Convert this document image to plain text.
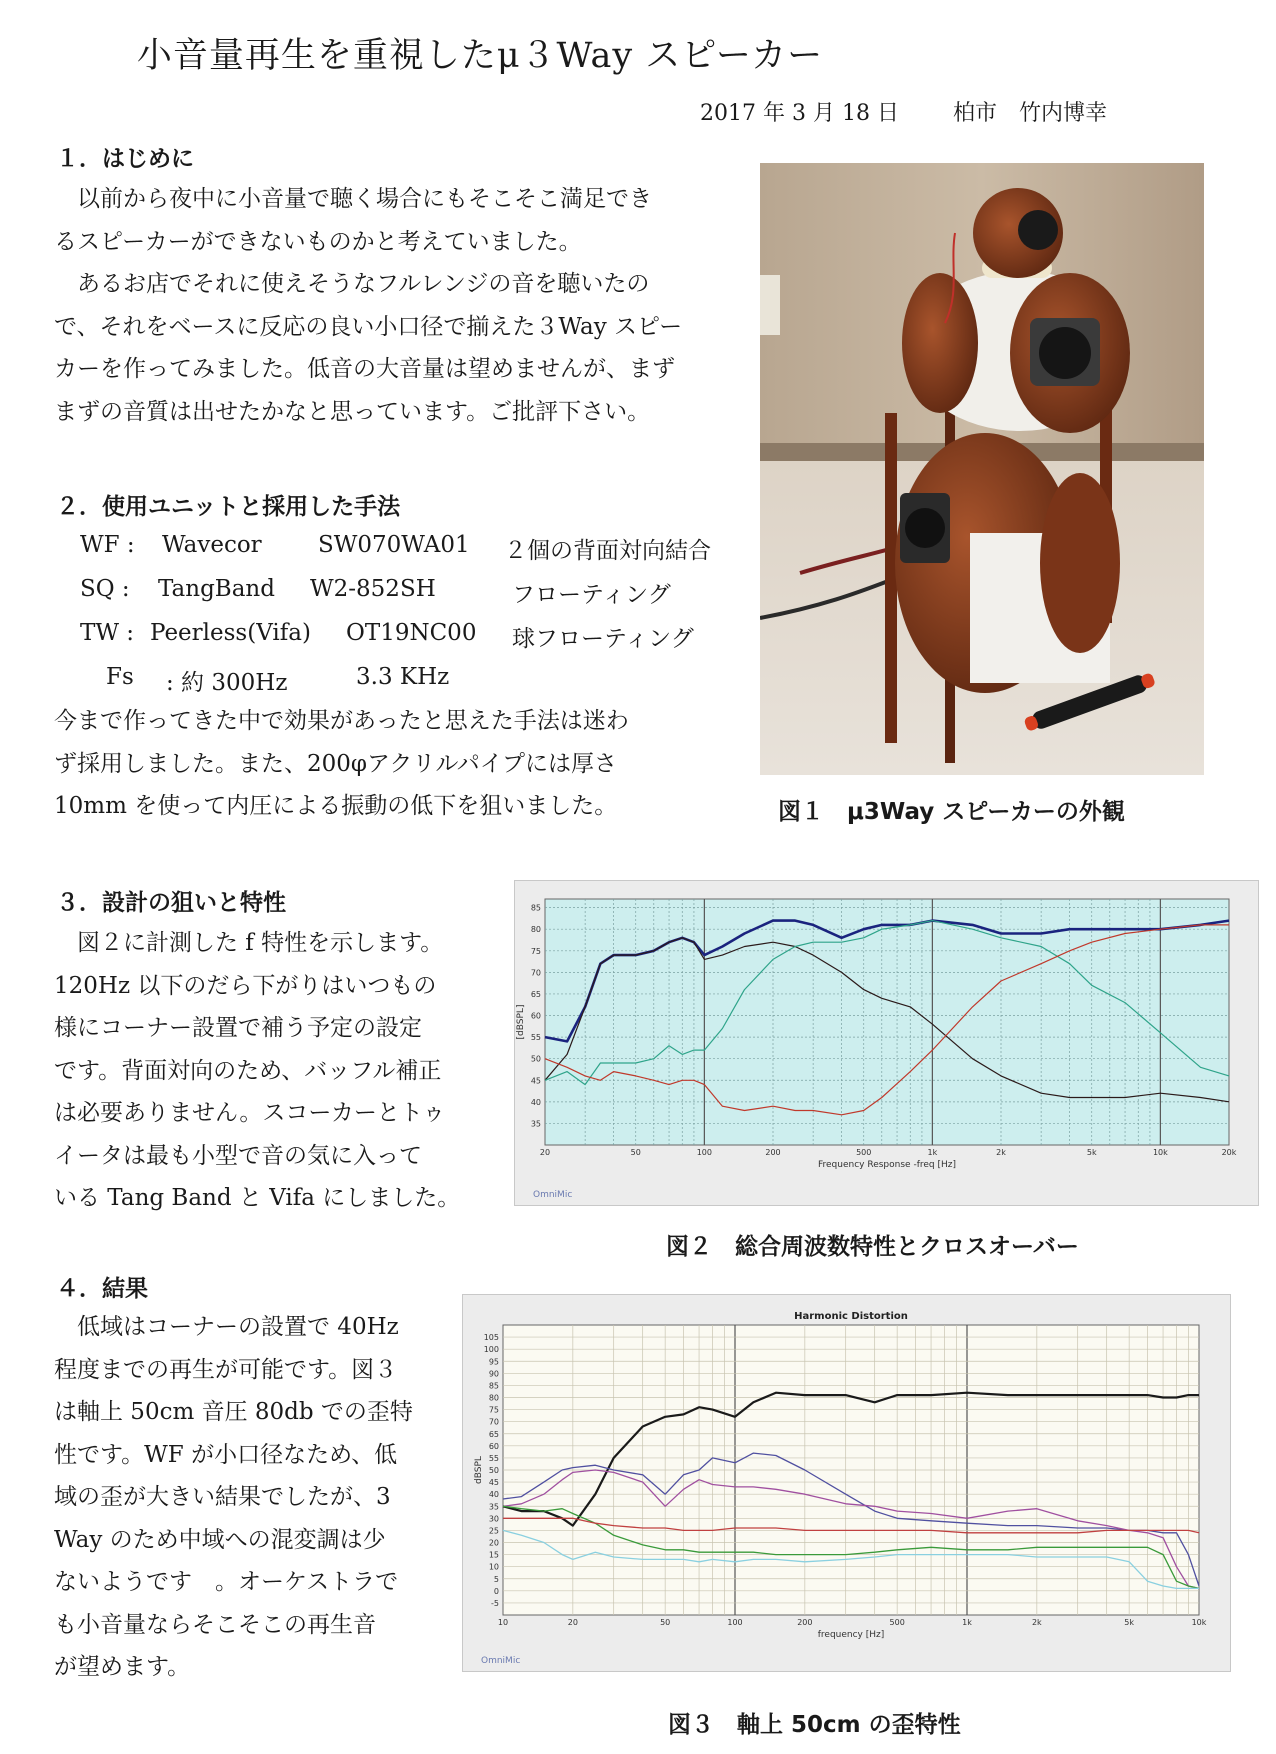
小音量再生を重視したμ３Way スピーカー
2017 年 3 月 18 日 柏市　竹内博幸
１．はじめに
　以前から夜中に小音量で聴く場合にもそこそこ満足でき
るスピーカーができないものかと考えていました。
　あるお店でそれに使えそうなフルレンジの音を聴いたの
で、それをベースに反応の良い小口径で揃えた３Way スピー
カーを作ってみました。低音の大音量は望めませんが、まず
まずの音質は出せたかなと思っています。ご批評下さい。
２．使用ユニットと採用した手法
WF : Wavecor SW070WA01 ２個の背面対向結合
SQ : TangBand W2-852SH	フローティング
TW : Peerless(Vifa) OT19NC00 球フローティング
Fs : 約 300Hz	3.3 KHz
今まで作ってきた中で効果があったと思えた手法は迷わ
ず採用しました。また、200φアクリルパイプには厚さ
10mm を使って内圧による振動の低下を狙いました。	図１　μ3Way スピーカーの外観
３．設計の狙いと特性
　図２に計測した f 特性を示します。
120Hz 以下のだら下がりはいつもの
様にコーナー設置で補う予定の設定
です。背面対向のため、バッフル補正
は必要ありません。スコーカーとトゥ
イータは最も小型で音の気に入って
いる Tang Band と Vifa にしました。
35
40
45
50
55
60
65
70
75
80
85
20	50	100	200	500	1k	2k	5k	10k	20k
Frequency Response -freq [Hz]
[dBSPL]
OmniMic
図２　総合周波数特性とクロスオーバー
４．結果
　低域はコーナーの設置で 40Hz
程度までの再生が可能です。図３
は軸上 50cm 音圧 80db での歪特
性です。WF が小口径なため、低
域の歪が大きい結果でしたが、3
Way のため中域への混変調は少
ないようです　。オーケストラで
も小音量ならそこそこの再生音
が望めます。
-5
0
5
10
15
20
25
30
35
40
45
50
55
60
65
70
75
80
85
90
95
100
105
10	20	50	100	200	500	1k	2k	5k	10k
frequency [Hz]
dBSPL
Harmonic Distortion
OmniMic
図３　軸上 50cm の歪特性
